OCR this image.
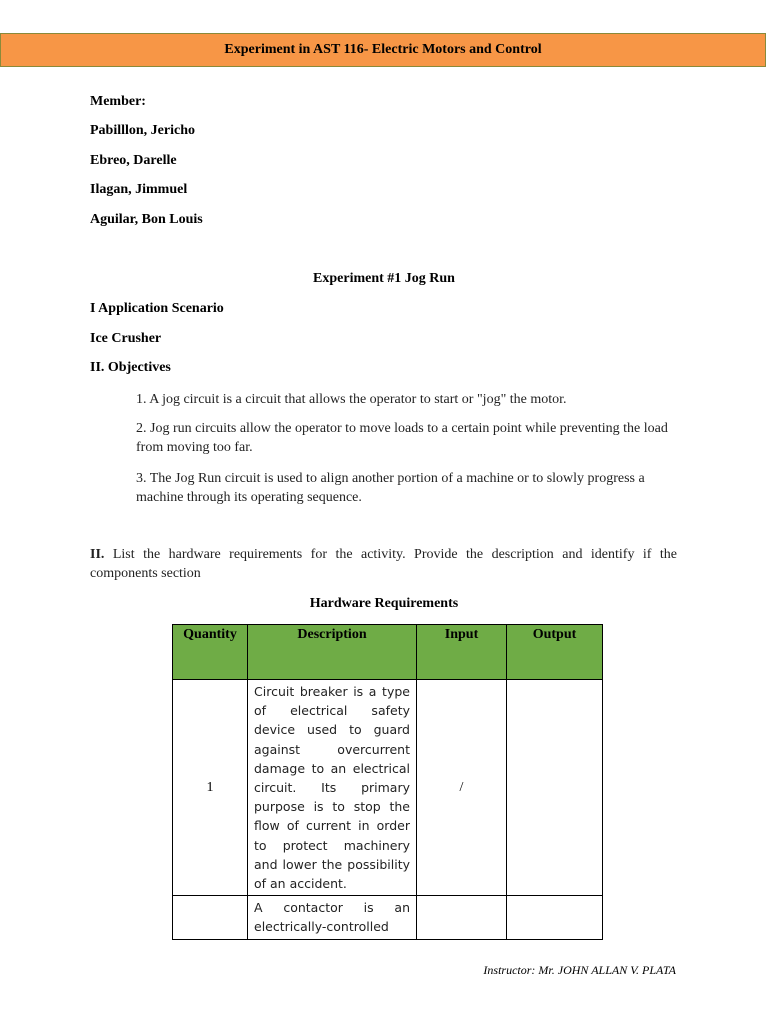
Experiment in AST 116- Electric Motors and Control
Member:
Pabilllon, Jericho
Ebreo, Darelle
Ilagan, Jimmuel
Aguilar, Bon Louis
Experiment #1 Jog Run
I Application Scenario
Ice Crusher
II. Objectives
1. A jog circuit is a circuit that allows the operator to start or "jog" the motor.
2. Jog run circuits allow the operator to move loads to a certain point while preventing the load from moving too far.
3. The Jog Run circuit is used to align another portion of a machine or to slowly progress a machine through its operating sequence.
II. List the hardware requirements for the activity. Provide the description and identify if the components section
Hardware Requirements
Quantity	Description	Input	Output
1	Circuit breaker is a type of electrical safety device used to guard against overcurrent damage to an electrical circuit. Its primary purpose is to stop the flow of current in order to protect machinery and lower the possibility of an accident.	/	
	A contactor is an electrically-controlled		
Instructor: Mr. JOHN ALLAN V. PLATA
